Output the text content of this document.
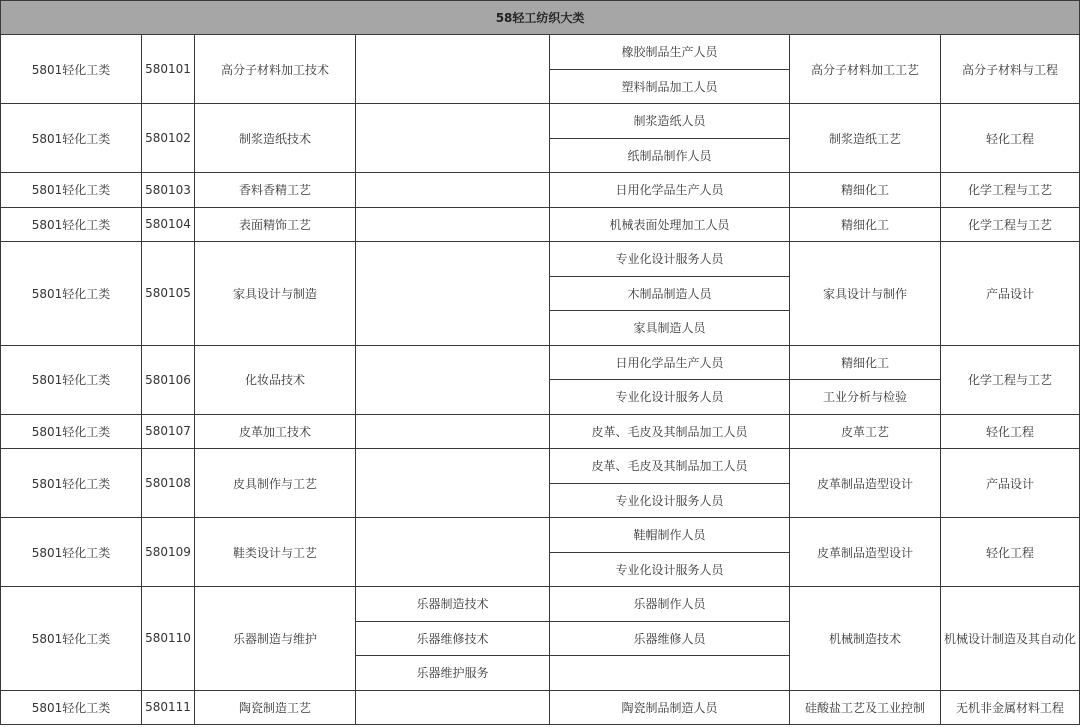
58轻工纺织大类						
5801轻化工类	580101	高分子材料加工技术		橡胶制品生产人员	高分子材料加工工艺	高分子材料与工程
				塑料制品加工人员		
5801轻化工类	580102	制浆造纸技术		制浆造纸人员	制浆造纸工艺	轻化工程
				纸制品制作人员		
5801轻化工类	580103	香料香精工艺		日用化学品生产人员	精细化工	化学工程与工艺
5801轻化工类	580104	表面精饰工艺		机械表面处理加工人员	精细化工	化学工程与工艺
5801轻化工类	580105	家具设计与制造		专业化设计服务人员	家具设计与制作	产品设计
				木制品制造人员		
				家具制造人员		
5801轻化工类	580106	化妆品技术		日用化学品生产人员	精细化工	化学工程与工艺
				专业化设计服务人员	工业分析与检验	
5801轻化工类	580107	皮革加工技术		皮革、毛皮及其制品加工人员	皮革工艺	轻化工程
5801轻化工类	580108	皮具制作与工艺		皮革、毛皮及其制品加工人员	皮革制品造型设计	产品设计
				专业化设计服务人员		
5801轻化工类	580109	鞋类设计与工艺		鞋帽制作人员	皮革制品造型设计	轻化工程
				专业化设计服务人员		
5801轻化工类	580110	乐器制造与维护	乐器制造技术	乐器制作人员	机械制造技术	机械设计制造及其自动化
			乐器维修技术	乐器维修人员		
			乐器维护服务			
5801轻化工类	580111	陶瓷制造工艺		陶瓷制品制造人员	硅酸盐工艺及工业控制	无机非金属材料工程
